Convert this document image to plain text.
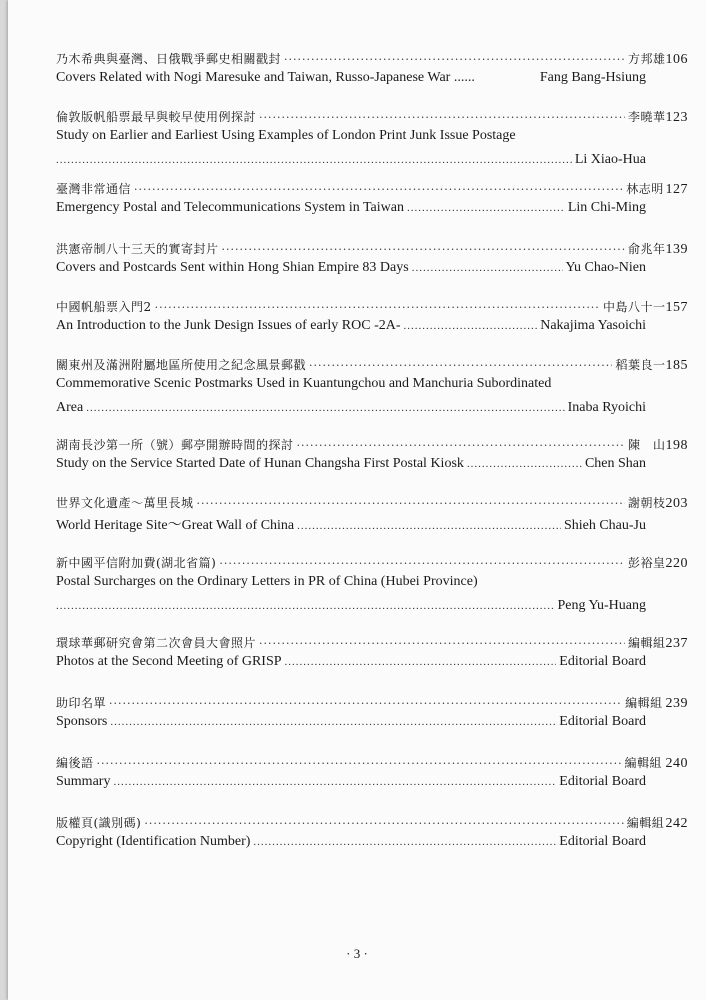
乃木希典與臺灣、日俄戰爭郵史相關戳封 ·····	方邦雄 106
Covers Related with Nogi Maresuke and Taiwan, Russo-Japanese War ......	Fang Bang-Hsiung
倫敦版帆船票最早與較早使用例探討 ·····	李曉華 123
Study on Earlier and Earliest Using Examples of London Print Junk Issue Postage
.....
Li Xiao-Hua
臺灣非常通信 ·····	林志明 127
Emergency Postal and Telecommunications System in Taiwan .....	Lin Chi-Ming
洪憲帝制八十三天的實寄封片 ·····	俞兆年 139
Covers and Postcards Sent within Hong Shian Empire 83 Days .....	Yu Chao-Nien
中國帆船票入門2 ·····	中島八十一 157
An Introduction to the Junk Design Issues of early ROC -2A- .....	Nakajima Yasoichi
關東州及滿洲附屬地區所使用之紀念風景郵戳 ·····	稻葉良一 185
Commemorative Scenic Postmarks Used in Kuantungchou and Manchuria Subordinated
Area .....	Inaba Ryoichi
湖南長沙第一所（號）郵亭開辦時間的探討 ·····	陳　山 198
Study on the Service Started Date of Hunan Changsha First Postal Kiosk .....	Chen Shan
世界文化遺產～萬里長城 ·····	謝朝枝 203
World Heritage Site～Great Wall of China .....	Shieh Chau-Ju
新中國平信附加費(湖北省篇) ·····	彭裕皇 220
Postal Surcharges on the Ordinary Letters in PR of China (Hubei Province)
.....
Peng Yu-Huang
環球華郵研究會第二次會員大會照片 ·····	編輯組 237
Photos at the Second Meeting of GRISP .....	Editorial Board
助印名單 ·····	編輯組 239
Sponsors .....	Editorial Board
編後語 ·····	編輯組 240
Summary .....	Editorial Board
版權頁(識別碼) ·····	編輯組 242
Copyright (Identification Number) .....	Editorial Board
· 3 ·
